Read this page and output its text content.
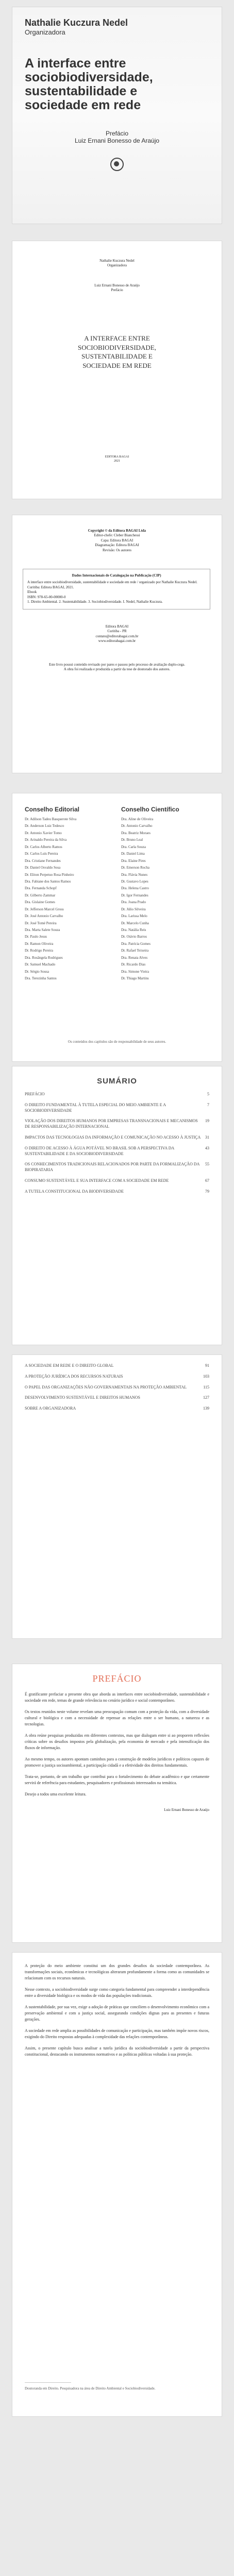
Nathalie Kuczura Nedel
Organizadora
A interface entre
sociobiodiversidade,
sustentabilidade e
sociedade em rede
Prefácio
Luiz Ernani Bonesso de Araújo
Nathalie Kuczura Nedel
Organizadora
Luiz Ernani Bonesso de Araújo
Prefácio
A INTERFACE ENTRE
SOCIOBIODIVERSIDADE,
SUSTENTABILIDADE E
SOCIEDADE EM REDE
EDITORA BAGAI
2021
Copyright © da Editora BAGAI Ltda
Editor-chefe: Cleber Bianchessi
Capa: Editora BAGAI
Diagramação: Editora BAGAI
Revisão: Os autores
Dados Internacionais de Catalogação na Publicação (CIP)
A interface entre sociobiodiversidade, sustentabilidade e sociedade em rede / organizado por Nathalie Kuczura Nedel.
Curitiba: Editora BAGAI, 2021.
Ebook
ISBN: 978-65-00-00000-0
1. Direito Ambiental. 2. Sustentabilidade. 3. Sociobiodiversidade. I. Nedel, Nathalie Kuczura.
Editora BAGAI
Curitiba - PR
contato@editorabagai.com.br
www.editorabagai.com.br
Este livro possui conteúdo revisado por pares e passou pelo processo de avaliação duplo-cega.
A obra foi realizada e produzida a partir da tese de doutorado dos autores.
Conselho Editorial
Dr. Adilson Tadeu Basquerote Silva
Dr. Anderson Luiz Tedesco
Dr. Antonio Xavier Tomo
Dr. Arinaldo Pereira da Silva
Dr. Carlos Alberto Ramos
Dr. Carlos Luís Pereira
Dra. Cristiane Fernandes
Dr. Daniel Osvaldo Sosa
Dr. Eliton Perpetuo Rosa Pinheiro
Dra. Fabiane dos Santos Ramos
Dra. Fernanda Schopf
Dr. Gilberto Zammar
Dra. Gislaine Gomes
Dr. Jefferson Marcel Gross
Dr. José Antonio Carvalho
Dr. José Tomé Pereira
Dra. Marta Salete Souza
Dr. Paulo Jesus
Dr. Ramon Oliveira
Dr. Rodrigo Pereira
Dra. Rosângela Rodrigues
Dr. Samuel Machado
Dr. Sérgio Sousa
Dra. Terezinha Santos
Conselho Científico
Dra. Aline de Oliveira
Dr. Antonio Carvalho
Dra. Beatriz Moraes
Dr. Bruno Leal
Dra. Carla Souza
Dr. Daniel Lima
Dra. Elaine Pires
Dr. Emerson Rocha
Dra. Flávia Nunes
Dr. Gustavo Lopes
Dra. Helena Castro
Dr. Igor Fernandes
Dra. Joana Prado
Dr. Júlio Silveira
Dra. Larissa Melo
Dr. Marcelo Cunha
Dra. Natália Reis
Dr. Otávio Barros
Dra. Patrícia Gomes
Dr. Rafael Teixeira
Dra. Renata Alves
Dr. Ricardo Dias
Dra. Simone Vieira
Dr. Thiago Martins
Os conteúdos dos capítulos são de responsabilidade de seus autores.
SUMÁRIO
PREFÁCIO	5
O DIREITO FUNDAMENTAL À TUTELA ESPECIAL DO MEIO AMBIENTE E A SOCIOBIODIVERSIDADE
7
VIOLAÇÃO DOS DIREITOS HUMANOS POR EMPRESAS TRANSNACIONAIS E MECANISMOS DE RESPONSABILIZAÇÃO INTERNACIONAL
19
IMPACTOS DAS TECNOLOGIAS DA INFORMAÇÃO E COMUNICAÇÃO NO ACESSO À JUSTIÇA	31
O DIREITO DE ACESSO À ÁGUA POTÁVEL NO BRASIL SOB A PERSPECTIVA DA SUSTENTABILIDADE E DA SOCIOBIODIVERSIDADE
43
OS CONHECIMENTOS TRADICIONAIS RELACIONADOS POR PARTE DA FORMALIZAÇÃO DA BIOPIRATARIA
55
CONSUMO SUSTENTÁVEL E SUA INTERFACE COM A SOCIEDADE EM REDE	67
A TUTELA CONSTITUCIONAL DA BIODIVERSIDADE	79
A SOCIEDADE EM REDE E O DIREITO GLOBAL	91
A PROTEÇÃO JURÍDICA DOS RECURSOS NATURAIS	103
O PAPEL DAS ORGANIZAÇÕES NÃO GOVERNAMENTAIS NA PROTEÇÃO AMBIENTAL	115
DESENVOLVIMENTO SUSTENTÁVEL E DIREITOS HUMANOS	127
SOBRE A ORGANIZADORA	139
PREFÁCIO
É gratificante prefaciar a presente obra que aborda as interfaces entre sociobiodiversidade, sustentabilidade e sociedade em rede, temas de grande relevância no cenário jurídico e social contemporâneo.
Os textos reunidos neste volume revelam uma preocupação comum com a proteção da vida, com a diversidade cultural e biológica e com a necessidade de repensar as relações entre o ser humano, a natureza e as tecnologias.
A obra reúne pesquisas produzidas em diferentes contextos, mas que dialogam entre si ao proporem reflexões críticas sobre os desafios impostos pela globalização, pela economia de mercado e pela intensificação dos fluxos de informação.
Ao mesmo tempo, os autores apontam caminhos para a construção de modelos jurídicos e políticos capazes de promover a justiça socioambiental, a participação cidadã e a efetividade dos direitos fundamentais.
Trata-se, portanto, de um trabalho que contribui para o fortalecimento do debate acadêmico e que certamente servirá de referência para estudantes, pesquisadores e profissionais interessados na temática.
Desejo a todos uma excelente leitura.
Luiz Ernani Bonesso de Araújo
A proteção do meio ambiente constitui um dos grandes desafios da sociedade contemporânea. As transformações sociais, econômicas e tecnológicas alteraram profundamente a forma como as comunidades se relacionam com os recursos naturais.
Nesse contexto, a sociobiodiversidade surge como categoria fundamental para compreender a interdependência entre a diversidade biológica e os modos de vida das populações tradicionais.
A sustentabilidade, por sua vez, exige a adoção de práticas que conciliem o desenvolvimento econômico com a preservação ambiental e com a justiça social, assegurando condições dignas para as presentes e futuras gerações.
A sociedade em rede amplia as possibilidades de comunicação e participação, mas também impõe novos riscos, exigindo do Direito respostas adequadas à complexidade das relações contemporâneas.
Assim, o presente capítulo busca analisar a tutela jurídica da sociobiodiversidade a partir da perspectiva constitucional, destacando os instrumentos normativos e as políticas públicas voltadas à sua proteção.
Doutoranda em Direito. Pesquisadora na área de Direito Ambiental e Sociobiodiversidade.
